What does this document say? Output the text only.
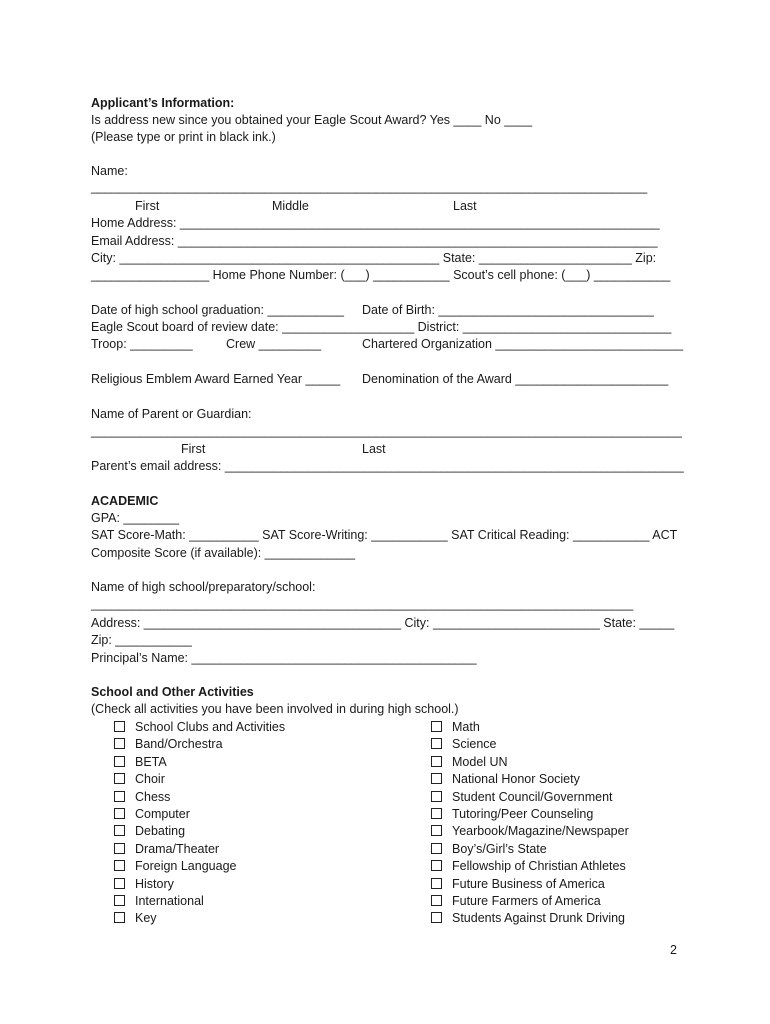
Applicant’s Information:
Is address new since you obtained your Eagle Scout Award? Yes ____ No ____
(Please type or print in black ink.)
Name:
________________________________________________________________________________
First	Middle	Last
Home Address: _____________________________________________________________________
Email Address: _____________________________________________________________________
City: ______________________________________________ State: ______________________ Zip:
_________________ Home Phone Number: (___) ___________ Scout’s cell phone: (___) ___________
Date of high school graduation: ___________ Date of Birth: _______________________________
Eagle Scout board of review date: ___________________ District: ______________________________
Troop: _________	Crew _________	Chartered Organization ___________________________
Religious Emblem Award Earned Year _____ Denomination of the Award ______________________
Name of Parent or Guardian:
_____________________________________________________________________________________
First	Last
Parent’s email address: __________________________________________________________________
ACADEMIC
GPA: ________
SAT Score-Math: __________ SAT Score-Writing: ___________ SAT Critical Reading: ___________ ACT
Composite Score (if available): _____________
Name of high school/preparatory/school:
______________________________________________________________________________
Address: _____________________________________ City: ________________________ State: _____
Zip: ___________
Principal’s Name: _________________________________________
School and Other Activities
(Check all activities you have been involved in during high school.)
School Clubs and Activities
Band/Orchestra
BETA
Choir
Chess
Computer
Debating
Drama/Theater
Foreign Language
History
International
Key
Math
Science
Model UN
National Honor Society
Student Council/Government
Tutoring/Peer Counseling
Yearbook/Magazine/Newspaper
Boy’s/Girl’s State
Fellowship of Christian Athletes
Future Business of America
Future Farmers of America
Students Against Drunk Driving
2
